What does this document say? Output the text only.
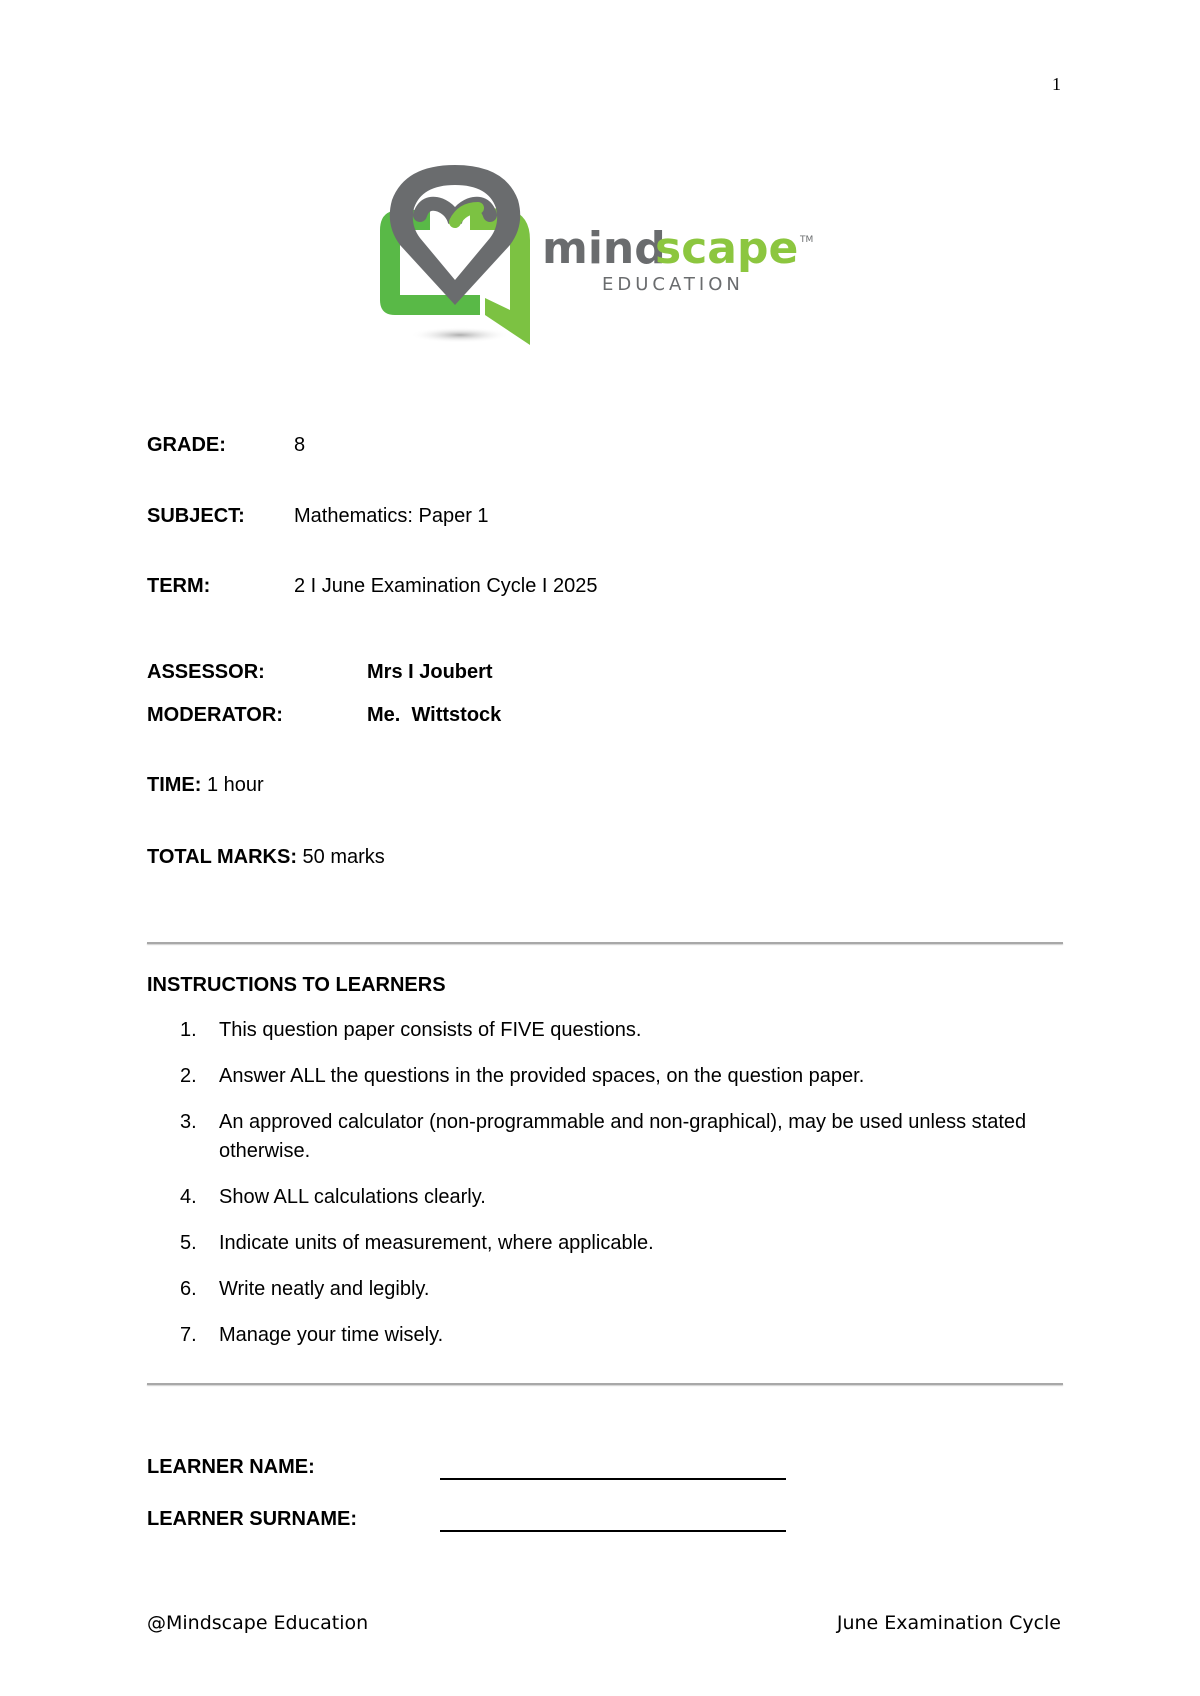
1
mind
scape
EDUCATION
TM
GRADE:	8
SUBJECT: Mathematics: Paper 1
TERM:	2 I June Examination Cycle I 2025
ASSESSOR:	Mrs I Joubert
MODERATOR:	Me.  Wittstock
TIME: 1 hour
TOTAL MARKS: 50 marks
INSTRUCTIONS TO LEARNERS
1. This question paper consists of FIVE questions.
2. Answer ALL the questions in the provided spaces, on the question paper.
3. An approved calculator (non-programmable and non-graphical), may be used unless stated otherwise.
4. Show ALL calculations clearly.
5. Indicate units of measurement, where applicable.
6. Write neatly and legibly.
7. Manage your time wisely.
LEARNER NAME:
LEARNER SURNAME:
@Mindscape Education	June Examination Cycle
